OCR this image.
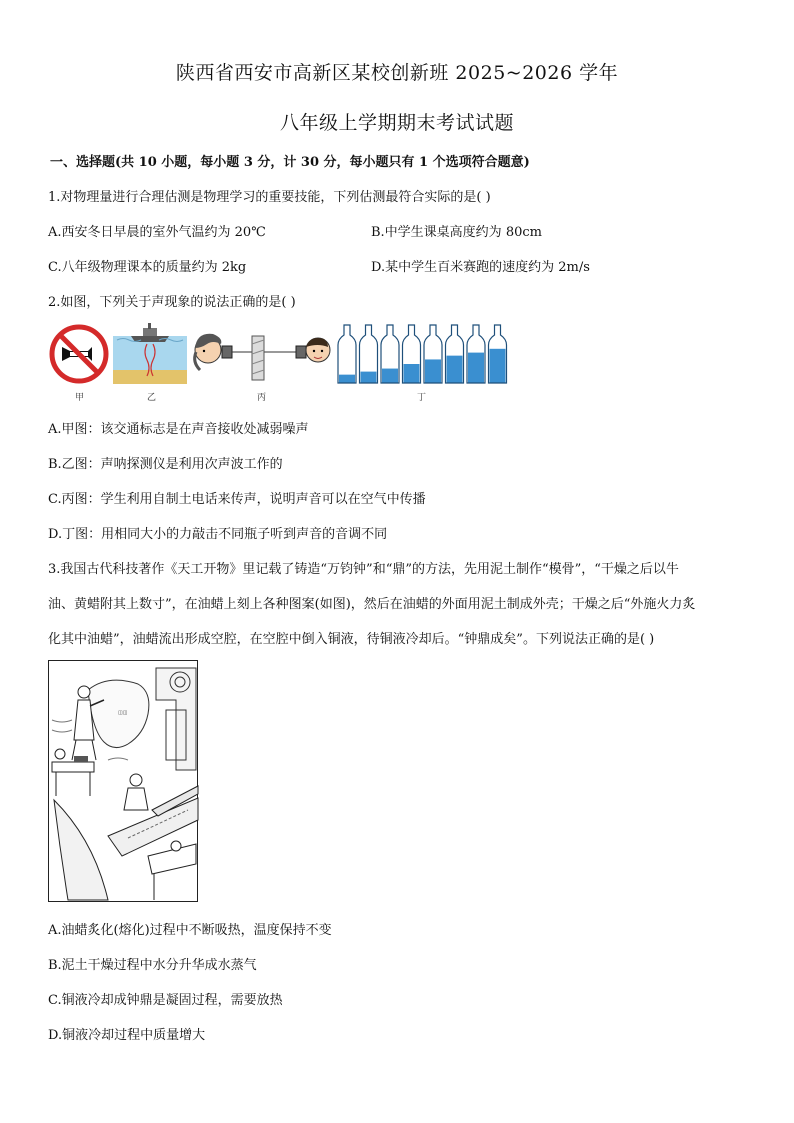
陕西省西安市高新区某校创新班 2025~2026 学年
八年级上学期期末考试试题
一、选择题(共 10 小题，每小题 3 分，计 30 分，每小题只有 1 个选项符合题意)
1.对物理量进行合理估测是物理学习的重要技能，下列估测最符合实际的是( )
A.西安冬日早晨的室外气温约为 20℃	B.中学生课桌高度约为 80cm
C.八年级物理课本的质量约为 2kg	D.某中学生百米赛跑的速度约为 2m/s
2.如图，下列关于声现象的说法正确的是( )
甲	乙	丙	丁
A.甲图：该交通标志是在声音接收处减弱噪声
B.乙图：声呐探测仪是利用次声波工作的
C.丙图：学生利用自制土电话来传声，说明声音可以在空气中传播
D.丁图：用相同大小的力敲击不同瓶子听到声音的音调不同
3.我国古代科技著作《天工开物》里记载了铸造“万钧钟”和“鼎”的方法，先用泥土制作“模骨”，“干燥之后以牛
油、黄蜡附其上数寸”，在油蜡上刻上各种图案(如图)，然后在油蜡的外面用泥土制成外壳；干燥之后“外施火力炙
化其中油蜡”，油蜡流出形成空腔，在空腔中倒入铜液，待铜液冷却后。“钟鼎成矣”。下列说法正确的是( )
◫◫
A.油蜡炙化(熔化)过程中不断吸热，温度保持不变
B.泥土干燥过程中水分升华成水蒸气
C.铜液冷却成钟鼎是凝固过程，需要放热
D.铜液冷却过程中质量增大
